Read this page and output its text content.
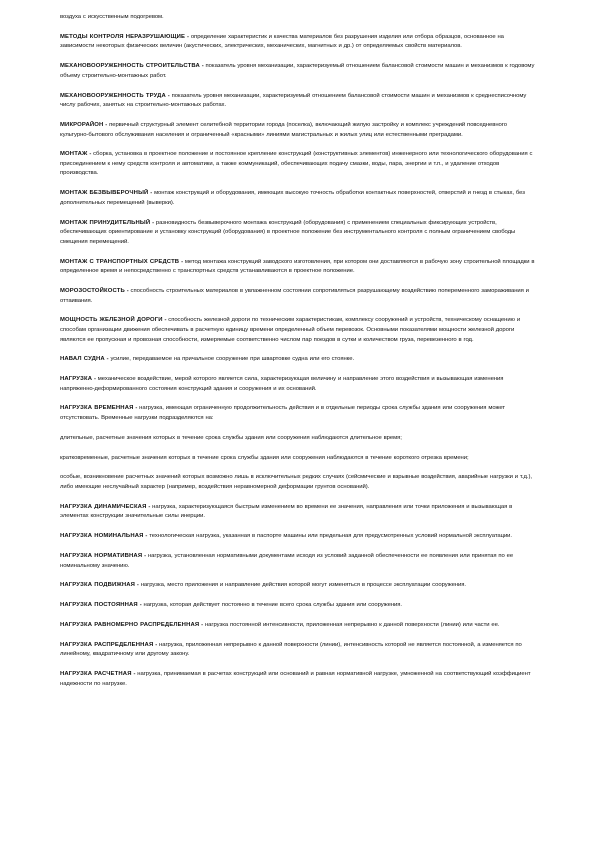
воздуха с искусственным подогревом.

МЕТОДЫ КОНТРОЛЯ НЕРАЗРУШАЮЩИЕ - определение характеристик и качества материалов без разрушения изделия или отбора образцов, основанное на зависимости некоторых физических величин (акустических, электрических, механических, магнитных и др.) от определяемых свойств материалов.

МЕХАНОВООРУЖЕННОСТЬ СТРОИТЕЛЬСТВА - показатель уровня механизации, характеризуемый отношением балансовой стоимости машин и механизмов к годовому объему строительно-монтажных работ.

МЕХАНОВООРУЖЕННОСТЬ ТРУДА - показатель уровня механизации, характеризуемый отношением балансовой стоимости машин и механизмов к среднесписочному числу рабочих, занятых на строительно-монтажных работах.

МИКРОРАЙОН - первичный структурный элемент селитебной территории города (поселка), включающий жилую застройку и комплекс учреждений повседневного культурно-бытового обслуживания населения и ограниченный «красными» линиями магистральных и жилых улиц или естественными преградами.

МОНТАЖ - сборка, установка в проектное положение и постоянное крепление конструкций (конструктивных элементов) инженерного или технологического оборудования с присоединением к нему средств контроля и автоматики, а также коммуникаций, обеспечивающих подачу смазки, воды, пара, энергии и т.п., и удаление отходов производства.

МОНТАЖ БЕЗВЫВЕРОЧНЫЙ - монтаж конструкций и оборудования, имеющих высокую точность обработки контактных поверхностей, отверстий и гнезд в стыках, без дополнительных перемещений (выверки).

МОНТАЖ ПРИНУДИТЕЛЬНЫЙ - разновидность безвыверочного монтажа конструкций (оборудования) с применением специальных фиксирующих устройств, обеспечивающих ориентирование и установку конструкций (оборудования) в проектное положение без инструментального контроля с полным ограничением свободы смещения перемещений.

МОНТАЖ С ТРАНСПОРТНЫХ СРЕДСТВ - метод монтажа конструкций заводского изготовления, при котором они доставляются в рабочую зону строительной площадки в определенное время и непосредственно с транспортных средств устанавливаются в проектное положение.

МОРОЗОСТОЙКОСТЬ - способность строительных материалов в увлажненном состоянии сопротивляться разрушающему воздействию попеременного замораживания и оттаивания.

МОЩНОСТЬ ЖЕЛЕЗНОЙ ДОРОГИ - способность железной дороги по техническим характеристикам, комплексу сооружений и устройств, техническому оснащению и способам организации движения обеспечивать в расчетную единицу времени определенный объем перевозок. Основными показателями мощности железной дороги являются ее пропускная и провозная способности, измеряемые соответственно числом пар поездов в сутки и количеством груза, перевезенного в год.

НАВАЛ СУДНА - усилие, передаваемое на причальное сооружение при швартовке судна или его стоянке.

НАГРУЗКА - механическое воздействие, мерой которого является сила, характеризующая величину и направление этого воздействия и вызывающая изменения напряженно-деформированного состояния конструкций здания и сооружения и их оснований.

НАГРУЗКА ВРЕМЕННАЯ - нагрузка, имеющая ограниченную продолжительность действия и в отдельные периоды срока службы здания или сооружения может отсутствовать. Временные нагрузки подразделяются на:

длительные, расчетные значения которых в течение срока службы здания или сооружения наблюдаются длительное время;

кратковременные, расчетные значения которых в течение срока службы здания или сооружения наблюдаются в течение короткого отрезка времени;

особые, возникновение расчетных значений которых возможно лишь в исключительных редких случаях (сейсмические и взрывные воздействия, аварийные нагрузки и т.д.), либо имеющие неслучайный характер (например, воздействия неравномерной деформации грунтов оснований).

НАГРУЗКА ДИНАМИЧЕСКАЯ - нагрузка, характеризующаяся быстрым изменением во времени ее значения, направления или точки приложения и вызывающая в элементах конструкции значительные силы инерции.

НАГРУЗКА НОМИНАЛЬНАЯ - технологическая нагрузка, указанная в паспорте машины или предельная для предусмотренных условий нормальной эксплуатации.

НАГРУЗКА НОРМАТИВНАЯ - нагрузка, установленная нормативными документами исходя из условий заданной обеспеченности ее появления или принятая по ее номинальному значению.

НАГРУЗКА ПОДВИЖНАЯ - нагрузка, место приложения и направление действия которой могут изменяться в процессе эксплуатации сооружения.

НАГРУЗКА ПОСТОЯННАЯ - нагрузка, которая действует постоянно в течение всего срока службы здания или сооружения.

НАГРУЗКА РАВНОМЕРНО РАСПРЕДЕЛЕННАЯ - нагрузка постоянной интенсивности, приложенная непрерывно к данной поверхности (линии) или части ее.

НАГРУЗКА РАСПРЕДЕЛЕННАЯ - нагрузка, приложенная непрерывно к данной поверхности (линии), интенсивность которой не является постоянной, а изменяется по линейному, квадратичному или другому закону.

НАГРУЗКА РАСЧЕТНАЯ - нагрузка, принимаемая в расчетах конструкций или оснований и равная нормативной нагрузке, умноженной на соответствующий коэффициент надежности по нагрузке.
